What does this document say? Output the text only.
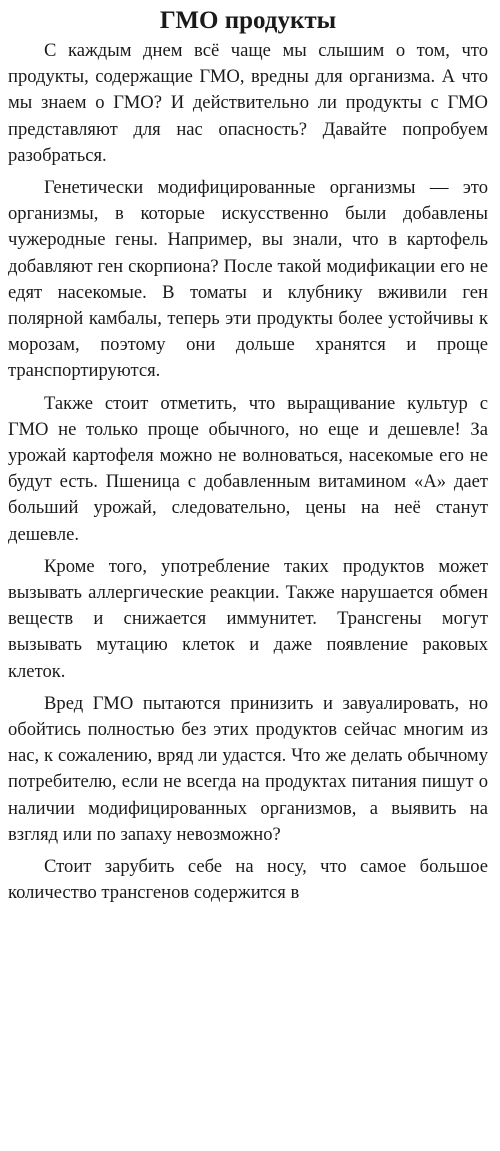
ГМО продукты

С каждым днем всё чаще мы слышим о том, что продукты, содержащие ГМО, вредны для организма. А что мы знаем о ГМО? И действительно ли продукты с ГМО представляют для нас опасность? Давайте попробуем разобраться.

Генетически модифицированные организмы — это организмы, в которые искусственно были добавлены чужеродные гены. Например, вы знали, что в картофель добавляют ген скорпиона? После такой модификации его не едят насекомые. В томаты и клубнику вживили ген полярной камбалы, теперь эти продукты более устойчивы к морозам, поэтому они дольше хранятся и проще транспортируются.

Также стоит отметить, что выращивание культур с ГМО не только проще обычного, но еще и дешевле! За урожай картофеля можно не волноваться, насекомые его не будут есть. Пшеница с добавленным витамином «А» дает больший урожай, следовательно, цены на неё станут дешевле.

Кроме того, употребление таких продуктов может вызывать аллергические реакции. Также нарушается обмен веществ и снижается иммунитет. Трансгены могут вызывать мутацию клеток и даже появление раковых клеток.

Вред ГМО пытаются принизить и завуалировать, но обойтись полностью без этих продуктов сейчас многим из нас, к сожалению, вряд ли удастся. Что же делать обычному потребителю, если не всегда на продуктах питания пишут о наличии модифицированных организмов, а выявить на взгляд или по запаху невозможно?

Стоит зарубить себе на носу, что самое большое количество трансгенов содержится в
